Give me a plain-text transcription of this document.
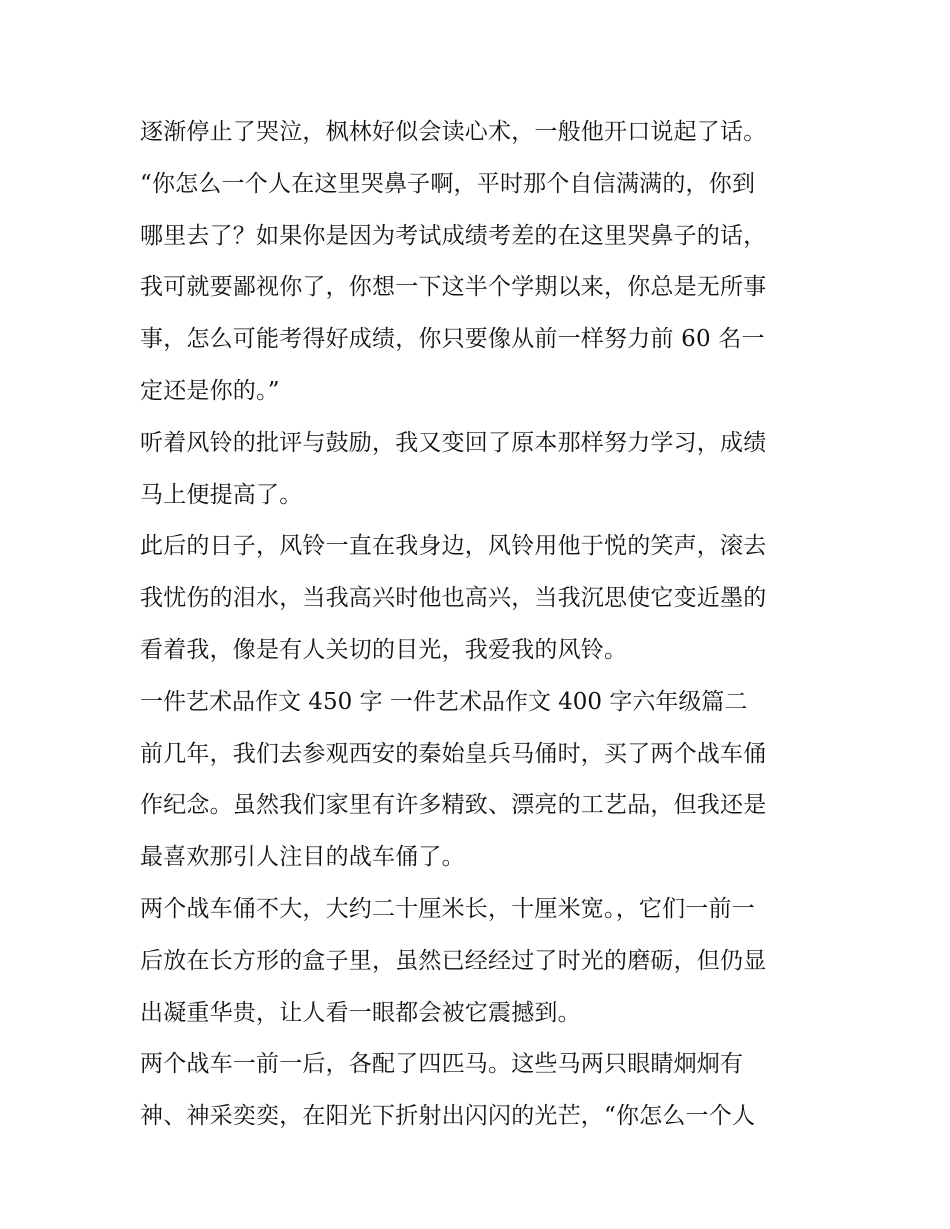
逐渐停止了哭泣，枫林好似会读心术，一般他开口说起了话。
“你怎么一个人在这里哭鼻子啊，平时那个自信满满的，你到
哪里去了？如果你是因为考试成绩考差的在这里哭鼻子的话，
我可就要鄙视你了，你想一下这半个学期以来，你总是无所事
事，怎么可能考得好成绩，你只要像从前一样努力前 60 名一
定还是你的。”
听着风铃的批评与鼓励，我又变回了原本那样努力学习，成绩
马上便提高了。
此后的日子，风铃一直在我身边，风铃用他于悦的笑声，滚去
我忧伤的泪水，当我高兴时他也高兴，当我沉思使它变近墨的
看着我，像是有人关切的目光，我爱我的风铃。
一件艺术品作文 450 字 一件艺术品作文 400 字六年级篇二
前几年，我们去参观西安的秦始皇兵马俑时，买了两个战车俑
作纪念。虽然我们家里有许多精致、漂亮的工艺品，但我还是
最喜欢那引人注目的战车俑了。
两个战车俑不大，大约二十厘米长，十厘米宽。，它们一前一
后放在长方形的盒子里，虽然已经经过了时光的磨砺，但仍显
出凝重华贵，让人看一眼都会被它震撼到。
两个战车一前一后，各配了四匹马。这些马两只眼睛炯炯有
神、神采奕奕，在阳光下折射出闪闪的光芒，“你怎么一个人
